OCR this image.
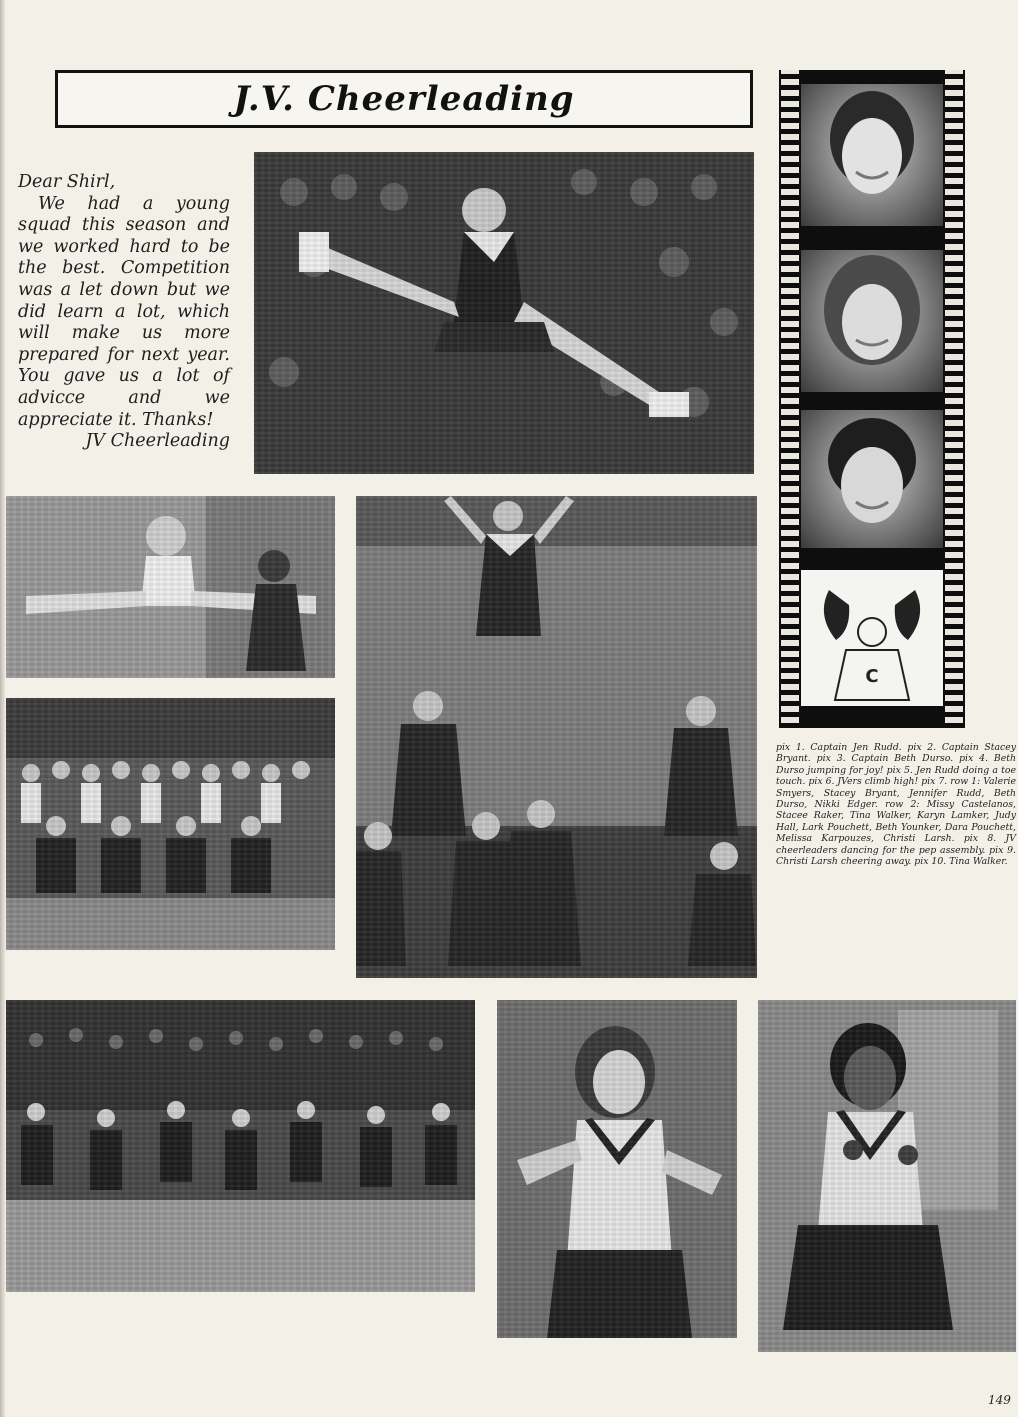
J.V. Cheerleading
Dear Shirl,
We had a young squad this season and we worked hard to be the best. Competition was a let down but we did learn a lot, which will make us more prepared for next year. You gave us a lot of advicce and we appreciate it. Thanks!
JV Cheerleading
C
pix 1. Captain Jen Rudd. pix 2. Captain Stacey Bryant. pix 3. Captain Beth Durso. pix 4. Beth Durso jumping for joy! pix 5. Jen Rudd doing a toe touch. pix 6. JVers climb high! pix 7. row 1: Valerie Smyers, Stacey Bryant, Jennifer Rudd, Beth Durso, Nikki Edger. row 2: Missy Castelanos, Stacee Raker, Tina Walker, Karyn Lamker, Judy Hall, Lark Pouchett, Beth Younker, Dara Pouchett, Melissa Karpouzes, Christi Larsh. pix 8. JV cheerleaders dancing for the pep assembly. pix 9. Christi Larsh cheering away. pix 10. Tina Walker.
149
